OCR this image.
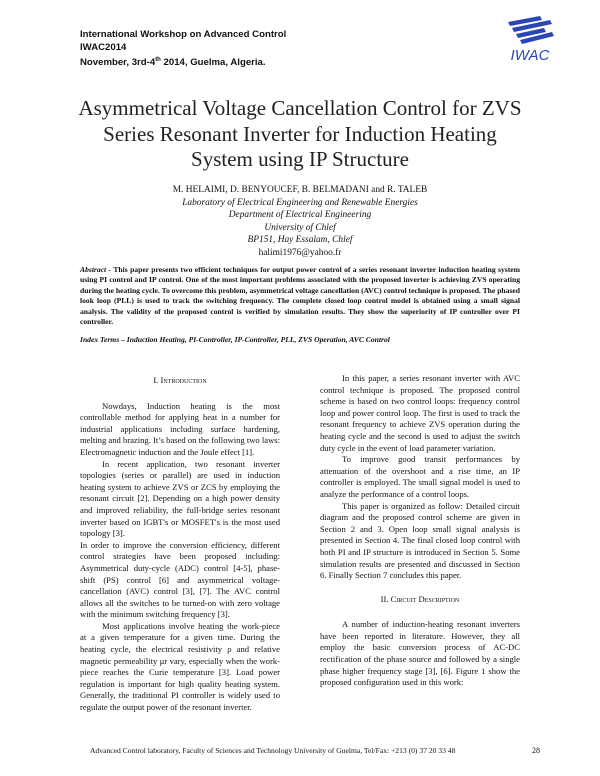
International Workshop on Advanced Control
IWAC2014
November, 3rd-4th 2014, Guelma, Algeria.	IWAC
Asymmetrical Voltage Cancellation Control for ZVS
Series Resonant Inverter for Induction Heating
System using IP Structure
M. HELAIMI, D. BENYOUCEF, B. BELMADANI and R. TALEB
Laboratory of Electrical Engineering and Renewable Energies
Department of Electrical Engineering
University of Chlef
BP151, Hay Essalam, Chlef
halimi1976@yahoo.fr
Abstract - This paper presents two efficient techniques for output power control of a series resonant inverter induction heating system using PI control and IP control. One of the most important problems associated with the proposed inverter is achieving ZVS operating during the heating cycle. To overcome this problem, asymmetrical voltage cancellation (AVC) control technique is proposed. The phased look loop (PLL) is used to track the switching frequency. The complete closed loop control model is obtained using a small signal analysis. The validity of the proposed control is verified by simulation results. They show the superiority of IP controller over PI controller.
Index Terms – Induction Heating, PI-Controller, IP-Controller, PLL, ZVS Operation, AVC Control

I. Introduction

Nowdays, Induction heating is the most controllable method for applying heat in a number for industrial applications including surface hardening, melting and brazing. It’s based on the following two laws: Electromagnetic induction and the Joule effect [1].

In recent application, two resonant inverter topologies (series or parallel) are used in induction heating system to achieve ZVS or ZCS by employing the resonant circuit [2]. Depending on a high power density and improved reliability, the full-bridge series resonant inverter based on IGBT's or MOSFET's is the most used topology [3].

In order to improve the conversion efficiency, different control strategies have been proposed including: Asymmetrical duty-cycle (ADC) control [4-5], phase-shift (PS) control [6] and asymmetrical voltage-cancellation (AVC) control [3], [7]. The AVC control allows all the switches to be turned-on with zero voltage with the minimum switching frequency [3].

Most applications involve heating the work-piece at a given temperature for a given time. During the heating cycle, the electrical resistivity ρ and relative magnetic permeability μr vary, especially when the work-piece reaches the Curie temperature [3]. Load power regulation is important for high quality heating system. Generally, the traditional PI controller is widely used to regulate the output power of the resonant inverter.

In this paper, a series resonant inverter with AVC control technique is proposed. The proposed control scheme is based on two control loops: frequency control loop and power control loop. The first is used to track the resonant frequency to achieve ZVS operation during the heating cycle and the second is used to adjust the switch duty cycle in the event of load parameter variation.

To improve good transit performances by attenuation of the overshoot and a rise time, an IP controller is employed. The small signal model is used to analyze the performance of a control loops.

This paper is organized as follow: Detailed circuit diagram and the proposed control scheme are given in Section 2 and 3. Open loop small signal analysis is presented in Section 4. The final closed loop control with both PI and IP structure is introduced in Section 5. Some simulation results are presented and discussed in Section 6. Finally Section 7 concludes this paper.

II. Circuit Description

A number of induction-heating resonant inverters have been reported in literature. However, they all employ the basic conversion process of AC-DC rectification of the phase source and followed by a single phase higher frequency stage [3], [6]. Figure 1 show the proposed configuration used in this work:

Advanced Control laboratory, Faculty of Sciences and Technology University of Guelma, Tel/Fax: +213 (0) 37 20 33 48	28
